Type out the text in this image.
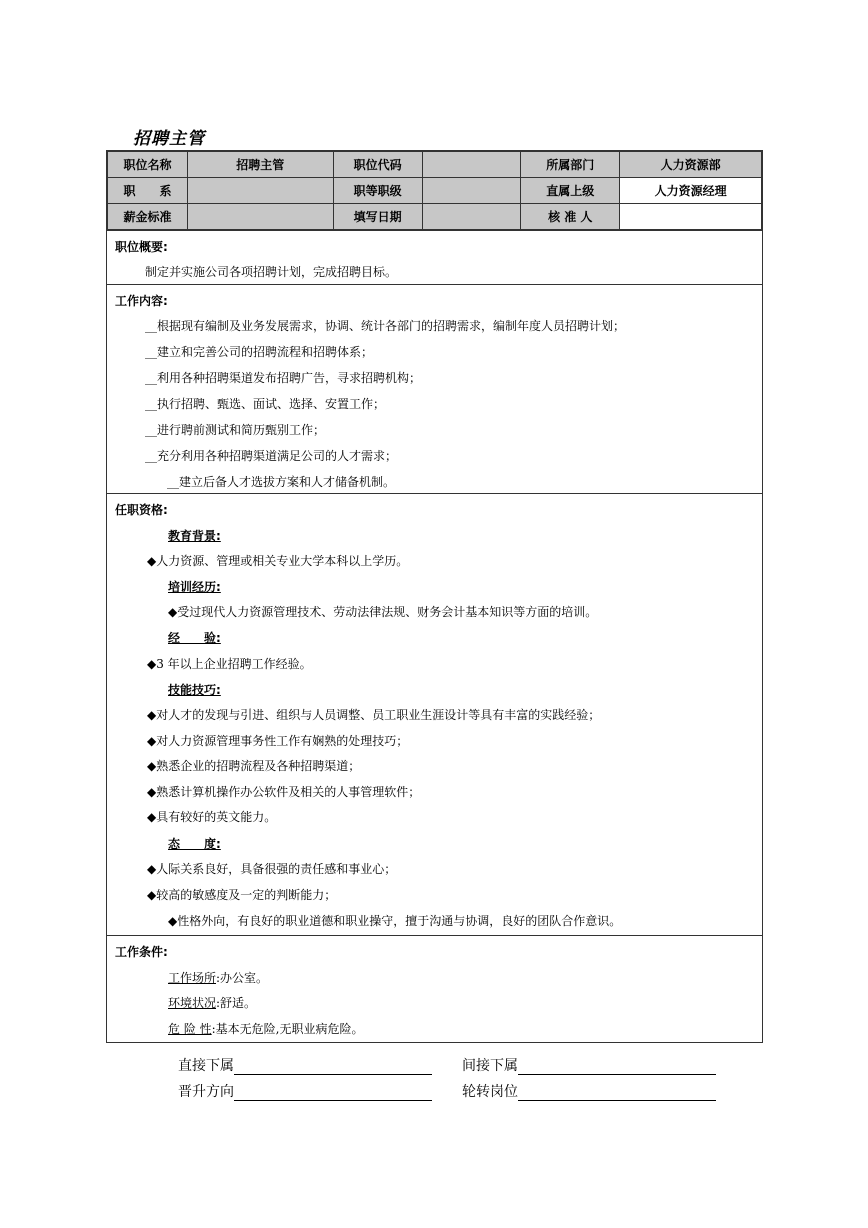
招聘主管
职位名称	招聘主管	职位代码		所属部门	人力资源部
职　　系		职等职级		直属上级	人力资源经理
薪金标准		填写日期		核 准 人	
职位概要:
制定并实施公司各项招聘计划，完成招聘目标。
工作内容:
__根据现有编制及业务发展需求，协调、统计各部门的招聘需求，编制年度人员招聘计划；
__建立和完善公司的招聘流程和招聘体系；
__利用各种招聘渠道发布招聘广告，寻求招聘机构；
__执行招聘、甄选、面试、选择、安置工作；
__进行聘前测试和简历甄别工作；
__充分利用各种招聘渠道满足公司的人才需求；
__建立后备人才选拔方案和人才储备机制。
任职资格:
教育背景:
◆人力资源、管理或相关专业大学本科以上学历。
培训经历:
◆受过现代人力资源管理技术、劳动法律法规、财务会计基本知识等方面的培训。
经　　验:
◆3 年以上企业招聘工作经验。
技能技巧:
◆对人才的发现与引进、组织与人员调整、员工职业生涯设计等具有丰富的实践经验；
◆对人力资源管理事务性工作有娴熟的处理技巧；
◆熟悉企业的招聘流程及各种招聘渠道；
◆熟悉计算机操作办公软件及相关的人事管理软件；
◆具有较好的英文能力。
态　　度:
◆人际关系良好，具备很强的责任感和事业心；
◆较高的敏感度及一定的判断能力；
◆性格外向，有良好的职业道德和职业操守，擅于沟通与协调，良好的团队合作意识。
工作条件:
工作场所:办公室。
环境状况:舒适。
危 险 性:基本无危险,无职业病危险。
直接下属	间接下属
晋升方向	轮转岗位
